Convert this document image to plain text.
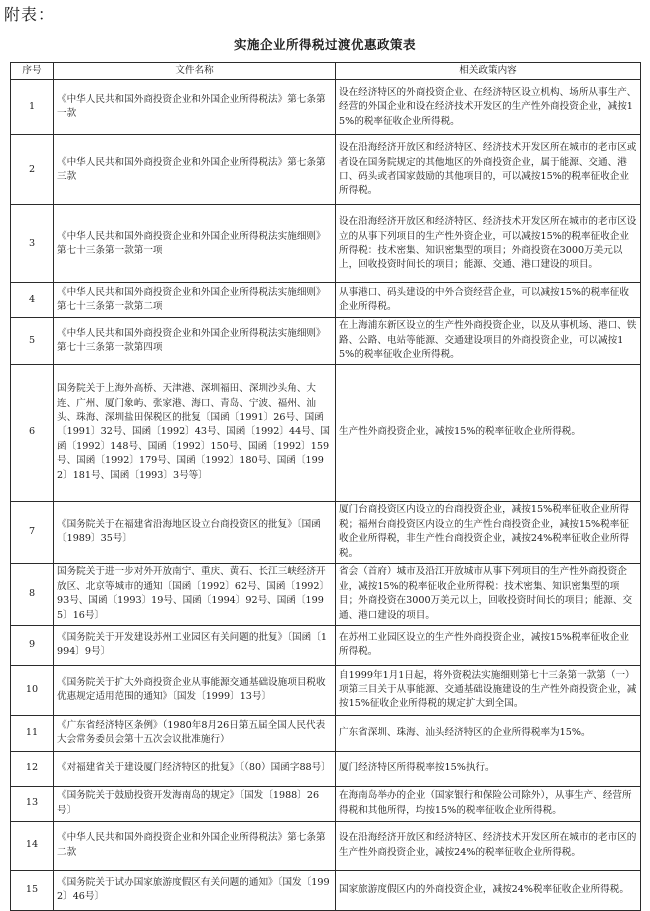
附表：
实施企业所得税过渡优惠政策表
序号	文件名称	相关政策内容
1	《中华人民共和国外商投资企业和外国企业所得税法》第七条第一款	设在经济特区的外商投资企业、在经济特区设立机构、场所从事生产、经营的外国企业和设在经济技术开发区的生产性外商投资企业，减按15%的税率征收企业所得税。
2	《中华人民共和国外商投资企业和外国企业所得税法》第七条第三款	设在沿海经济开放区和经济特区、经济技术开发区所在城市的老市区或者设在国务院规定的其他地区的外商投资企业，属于能源、交通、港口、码头或者国家鼓励的其他项目的，可以减按15%的税率征收企业所得税。
3	《中华人民共和国外商投资企业和外国企业所得税法实施细则》第七十三条第一款第一项	设在沿海经济开放区和经济特区、经济技术开发区所在城市的老市区设立的从事下列项目的生产性外资企业，可以减按15%的税率征收企业所得税：技术密集、知识密集型的项目；外商投资在3000万美元以上，回收投资时间长的项目；能源、交通、港口建设的项目。
4	《中华人民共和国外商投资企业和外国企业所得税法实施细则》第七十三条第一款第二项	从事港口、码头建设的中外合资经营企业，可以减按15%的税率征收企业所得税。
5	《中华人民共和国外商投资企业和外国企业所得税法实施细则》第七十三条第一款第四项	在上海浦东新区设立的生产性外商投资企业，以及从事机场、港口、铁路、公路、电站等能源、交通建设项目的外商投资企业，可以减按15%的税率征收企业所得税。
6	国务院关于上海外高桥、天津港、深圳福田、深圳沙头角、大连、广州、厦门象屿、张家港、海口、青岛、宁波、福州、汕头、珠海、深圳盐田保税区的批复〔国函〔1991〕26号、国函〔1991〕32号、国函〔1992〕43号、国函〔1992〕44号、国函〔1992〕148号、国函〔1992〕150号、国函〔1992〕159号、国函〔1992〕179号、国函〔1992〕180号、国函〔1992〕181号、国函〔1993〕3号等〕	生产性外商投资企业，减按15%的税率征收企业所得税。
7	《国务院关于在福建省沿海地区设立台商投资区的批复》〔国函〔1989〕35号〕	厦门台商投资区内设立的台商投资企业，减按15%税率征收企业所得税；福州台商投资区内设立的生产性台商投资企业，减按15%税率征收企业所得税，非生产性台商投资企业，减按24%税率征收企业所得税。
8	国务院关于进一步对外开放南宁、重庆、黄石、长江三峡经济开放区、北京等城市的通知〔国函〔1992〕62号、国函〔1992〕93号、国函〔1993〕19号、国函〔1994〕92号、国函〔1995〕16号〕	省会（首府）城市及沿江开放城市从事下列项目的生产性外商投资企业，减按15%的税率征收企业所得税：技术密集、知识密集型的项目；外商投资在3000万美元以上，回收投资时间长的项目；能源、交通、港口建设的项目。
9	《国务院关于开发建设苏州工业园区有关问题的批复》〔国函〔1994〕9号〕	在苏州工业园区设立的生产性外商投资企业，减按15%税率征收企业所得税。
10	《国务院关于扩大外商投资企业从事能源交通基础设施项目税收优惠规定适用范围的通知》〔国发〔1999〕13号〕	自1999年1月1日起，将外资税法实施细则第七十三条第一款第（一）项第三目关于从事能源、交通基础设施建设的生产性外商投资企业，减按15%征收企业所得税的规定扩大到全国。
11	《广东省经济特区条例》（1980年8月26日第五届全国人民代表大会常务委员会第十五次会议批准施行）	广东省深圳、珠海、汕头经济特区的企业所得税率为15%。
12	《对福建省关于建设厦门经济特区的批复》〔（80）国函字88号〕	厦门经济特区所得税率按15%执行。
13	《国务院关于鼓励投资开发海南岛的规定》〔国发〔1988〕26号〕	在海南岛举办的企业（国家银行和保险公司除外），从事生产、经营所得税和其他所得，均按15%的税率征收企业所得税。
14	《中华人民共和国外商投资企业和外国企业所得税法》第七条第二款	设在沿海经济开放区和经济特区、经济技术开发区所在城市的老市区的生产性外商投资企业，减按24%的税率征收企业所得税。
15	《国务院关于试办国家旅游度假区有关问题的通知》〔国发〔1992〕46号〕	国家旅游度假区内的外商投资企业，减按24%税率征收企业所得税。
